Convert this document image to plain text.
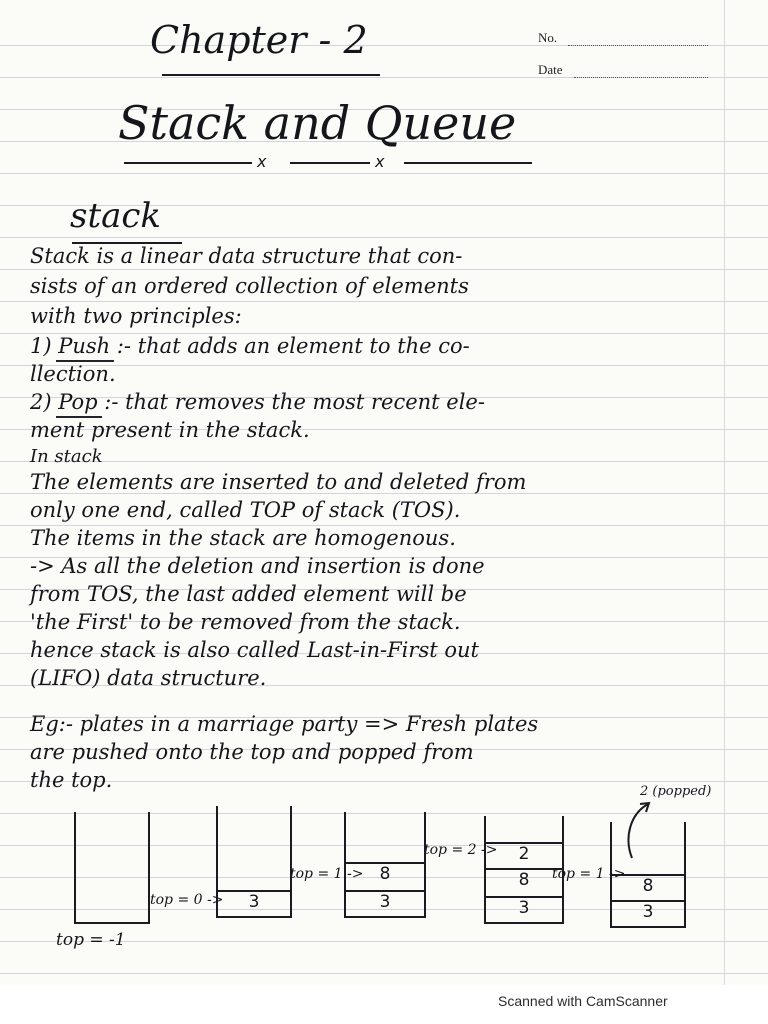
Chapter - 2	No.
Date
Stack and Queue
x	x
stack
Stack is a linear data structure that con-
sists of an ordered collection of elements
with two principles:
1) Push :- that adds an element to the co-
llection.
2) Pop :- that removes the most recent ele-
ment present in the stack.
In stack
The elements are inserted to and deleted from
only one end, called TOP of stack (TOS).
The items in the stack are homogenous.
-> As all the deletion and insertion is done
from TOS, the last added element will be
'the First' to be removed from the stack.
hence stack is also called Last-in-First out
(LIFO) data structure.
Eg:- plates in a marriage party => Fresh plates
are pushed onto the top and popped from
the top.
top = -1
3
top = 0 ->
8
3
top = 1 ->
2
8
3
top = 2 ->
8
3
top = 1 ->
2 (popped)
Scanned with CamScanner
